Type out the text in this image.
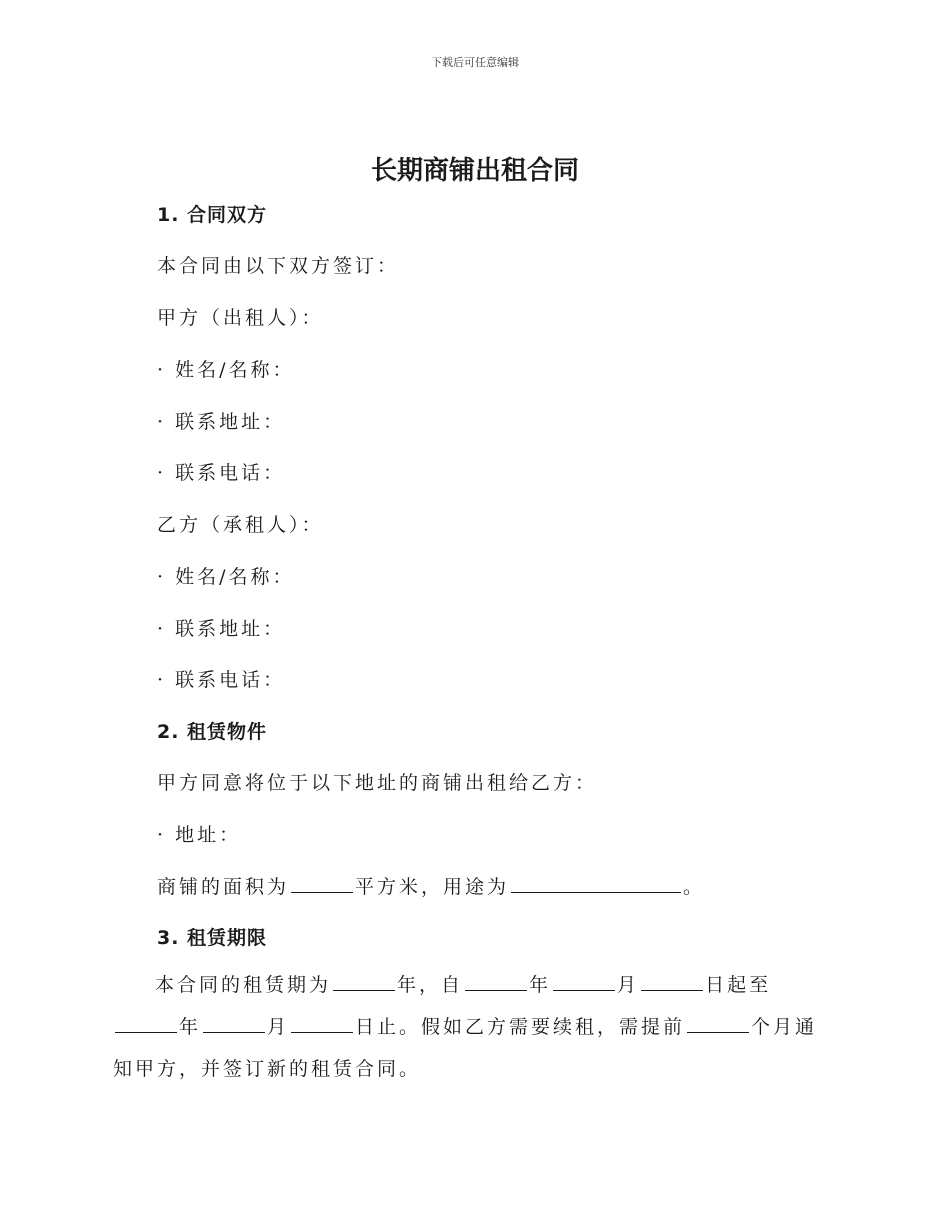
下载后可任意编辑
长期商铺出租合同
1. 合同双方
本合同由以下双方签订：
甲方（出租人）：
· 姓名/名称：
· 联系地址：
· 联系电话：
乙方（承租人）：
· 姓名/名称：
· 联系地址：
· 联系电话：
2. 租赁物件
甲方同意将位于以下地址的商铺出租给乙方：
· 地址：
商铺的面积为	平方米，用途为	。
3. 租赁期限
本合同的租赁期为	年，自	年	月	日起至年	月	日止。假如乙方需要续租，需提前	个月通知甲方，并签订新的租赁合同。
